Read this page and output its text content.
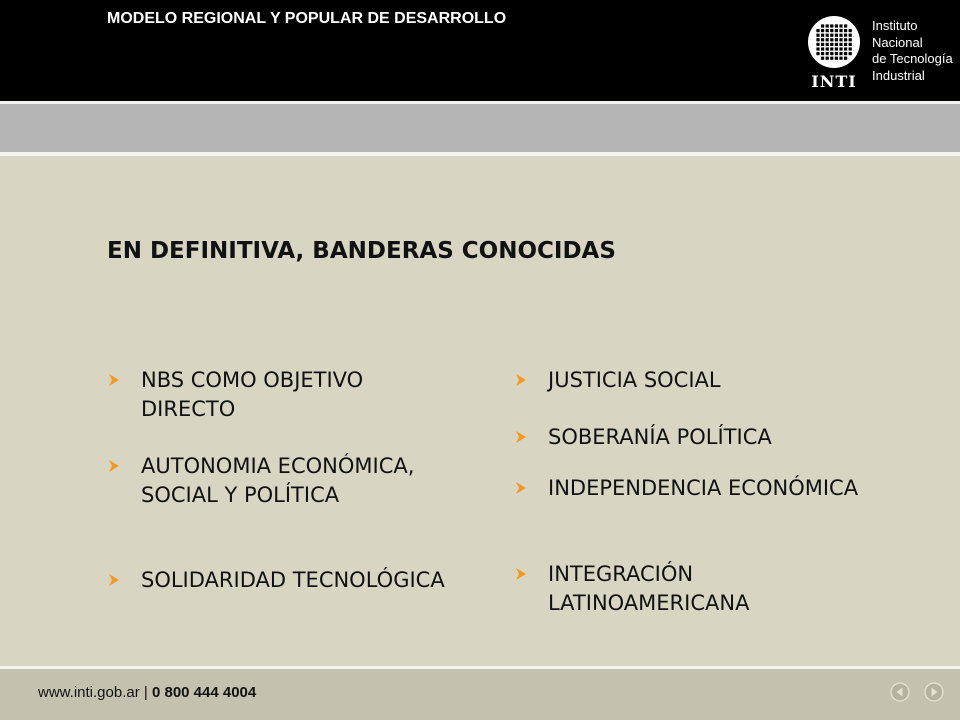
MODELO REGIONAL Y POPULAR DE DESARROLLO
INTI
Instituto
Nacional
de Tecnología
Industrial
EN DEFINITIVA, BANDERAS CONOCIDAS
NBS COMO OBJETIVO
DIRECTO
AUTONOMIA ECONÓMICA,
SOCIAL Y POLÍTICA
SOLIDARIDAD TECNOLÓGICA
JUSTICIA SOCIAL
SOBERANÍA POLÍTICA
INDEPENDENCIA ECONÓMICA
INTEGRACIÓN
LATINOAMERICANA
www.inti.gob.ar | 0 800 444 4004
